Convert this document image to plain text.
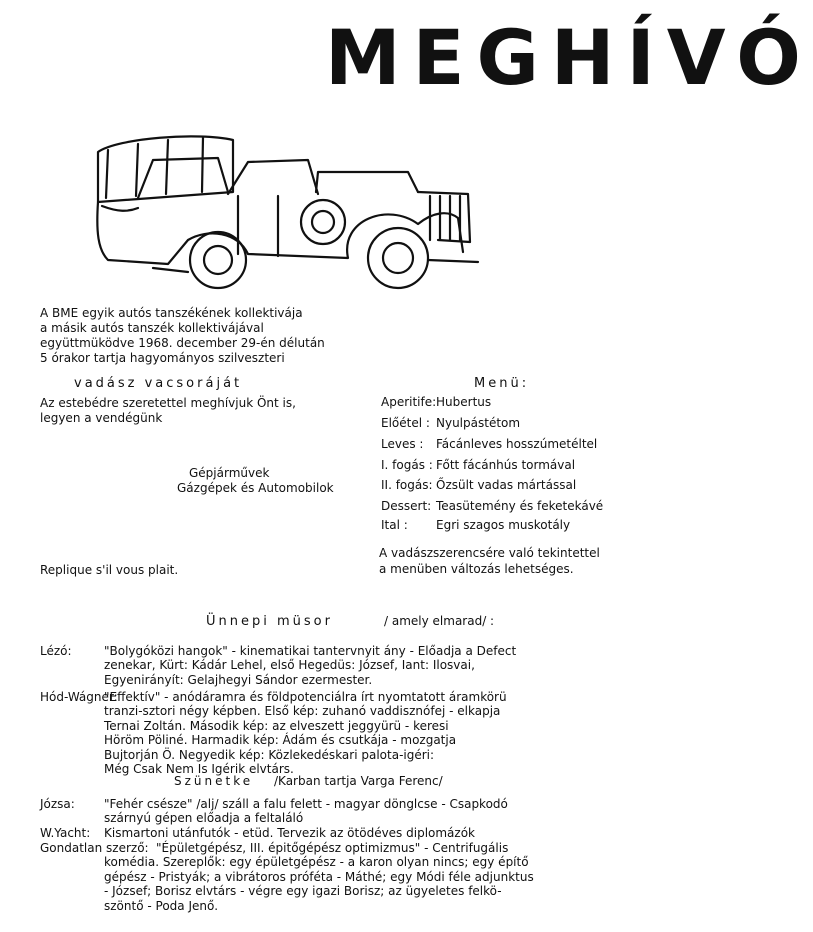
MEGHÍVÓ
A BME egyik autós tanszékének kollektivája
a másik autós tanszék kollektivájával
együttmüködve 1968. december 29-én délután
5 órakor tartja hagyományos szilveszteri
vadász vacsoráját
Az estebédre szeretettel meghívjuk Önt is,
legyen a vendégünk
Gépjárművek
Gázgépek és Automobilok
Replique s'il vous plait.
Menü:
Aperitife: Hubertus
Előétel : Nyulpástétom
Leves : Fácánleves hosszúmetéltel
I. fogás : Főtt fácánhús tormával
II. fogás: Őzsült vadas mártással
Dessert: Teasütemény és feketekávé
Ital : Egri szagos muskotály
A vadászszerencsére való tekintettel
a menüben változás lehetséges.
Ünnepi müsor	/ amely elmarad/ :
Lézó:	"Bolygóközi hangok" - kinematikai tantervnyit ány - Előadja a Defect
zenekar, Kürt: Kádár Lehel, első Hegedüs: József, Iant: Ilosvai,
Egyenirányít: Gelajhegyi Sándor ezermester.
Hód-Wágner:
"Effektív" - anódáramra és földpotenciálra írt nyomtatott áramkörü
tranzi-sztori négy képben. Első kép: zuhanó vaddisznófej - elkapja
Ternai Zoltán. Második kép: az elveszett jeggyürü - keresi
Höröm Pöliné. Harmadik kép: Ádám és csutkája - mozgatja
Bujtorján Ö. Negyedik kép: Közlekedéskari palota-igéri:
Még Csak Nem Is Igérik elvtárs.
Szünetke /Karban tartja Varga Ferenc/
Józsa: "Fehér csésze" /alj/ száll a falu felett - magyar dönglcse - Csapkodó
szárnyú gépen előadja a feltaláló
W.Yacht: Kismartoni utánfutók - etüd. Tervezik az ötödéves diplomázók
Gondatlan szerző: "Épületgépész, III. épitőgépész optimizmus" - Centrifugális
komédia. Szereplők: egy épületgépész - a karon olyan nincs; egy építő
gépész - Pristyák; a vibrátoros próféta - Máthé; egy Módi féle adjunktus
- József; Borisz elvtárs - végre egy igazi Borisz; az ügyeletes felkö-
szöntő - Poda Jenő.
